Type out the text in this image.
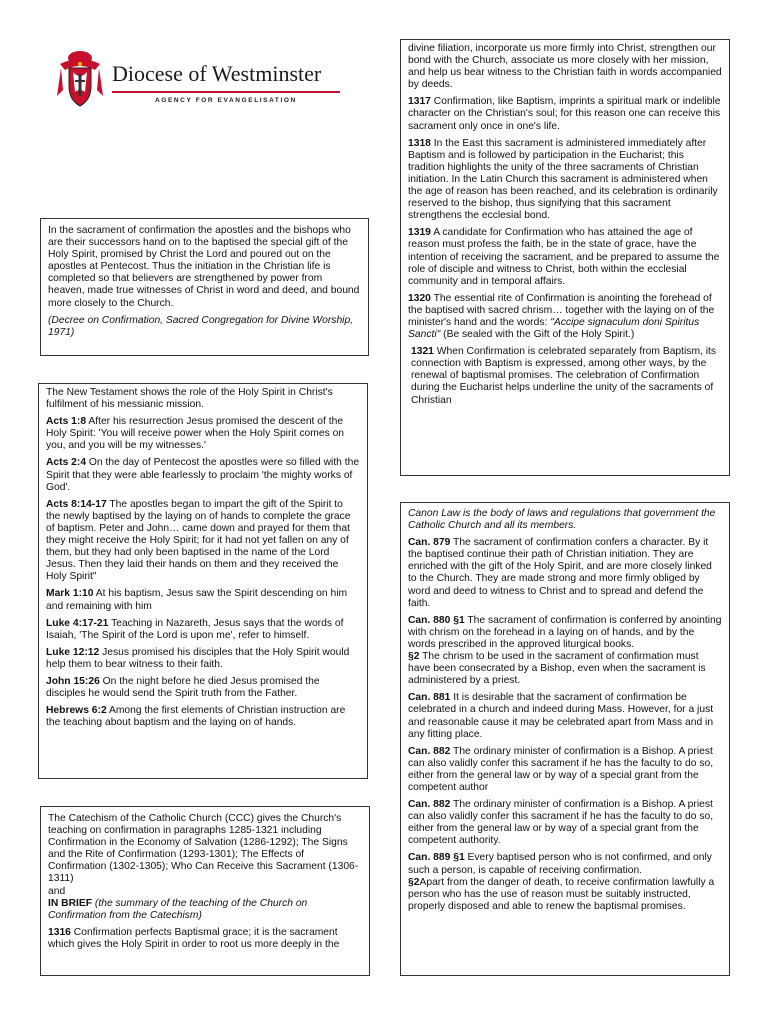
Diocese of Westminster
AGENCY FOR EVANGELISATION

In the sacrament of confirmation the apostles and the bishops who are their successors hand on to the baptised the special gift of the Holy Spirit, promised by Christ the Lord and poured out on the apostles at Pentecost. Thus the initiation in the Christian life is completed so that believers are strengthened by power from heaven, made true witnesses of Christ in word and deed, and bound more closely to the Church.

(Decree on Confirmation, Sacred Congregation for Divine Worship, 1971)

The New Testament shows the role of the Holy Spirit in Christ's fulfilment of his messianic mission.

Acts 1:8 After his resurrection Jesus promised the descent of the Holy Spirit: 'You will receive power when the Holy Spirit comes on you, and you will be my witnesses.'

Acts 2:4 On the day of Pentecost the apostles were so filled with the Spirit that they were able fearlessly to proclaim 'the mighty works of God'.

Acts 8:14-17 The apostles began to impart the gift of the Spirit to the newly baptised by the laying on of hands to complete the grace of baptism. Peter and John… came down and prayed for them that they might receive the Holy Spirit; for it had not yet fallen on any of them, but they had only been baptised in the name of the Lord Jesus. Then they laid their hands on them and they received the Holy Spirit"

Mark 1:10 At his baptism, Jesus saw the Spirit descending on him and remaining with him

Luke 4:17-21 Teaching in Nazareth, Jesus says that the words of Isaiah, 'The Spirit of the Lord is upon me', refer to himself.

Luke 12:12 Jesus promised his disciples that the Holy Spirit would help them to bear witness to their faith.

John 15:26 On the night before he died Jesus promised the disciples he would send the Spirit truth from the Father.

Hebrews 6:2 Among the first elements of Christian instruction are the teaching about baptism and the laying on of hands.

The Catechism of the Catholic Church (CCC) gives the Church's teaching on confirmation in paragraphs 1285-1321 including Confirmation in the Economy of Salvation (1286-1292); The Signs and the Rite of Confirmation (1293-1301); The Effects of Confirmation (1302-1305); Who Can Receive this Sacrament (1306-1311)

and

IN BRIEF (the summary of the teaching of the Church on Confirmation from the Catechism)

1316 Confirmation perfects Baptismal grace; it is the sacrament which gives the Holy Spirit in order to root us more deeply in the

divine filiation, incorporate us more firmly into Christ, strengthen our bond with the Church, associate us more closely with her mission, and help us bear witness to the Christian faith in words accompanied by deeds.

1317 Confirmation, like Baptism, imprints a spiritual mark or indelible character on the Christian's soul; for this reason one can receive this sacrament only once in one's life.

1318 In the East this sacrament is administered immediately after Baptism and is followed by participation in the Eucharist; this tradition highlights the unity of the three sacraments of Christian initiation. In the Latin Church this sacrament is administered when the age of reason has been reached, and its celebration is ordinarily reserved to the bishop, thus signifying that this sacrament strengthens the ecclesial bond.

1319 A candidate for Confirmation who has attained the age of reason must profess the faith, be in the state of grace, have the intention of receiving the sacrament, and be prepared to assume the role of disciple and witness to Christ, both within the ecclesial community and in temporal affairs.

1320 The essential rite of Confirmation is anointing the forehead of the baptised with sacred chrism… together with the laying on of the minister's hand and the words: "Accipe signaculum doni Spiritus Sancti" (Be sealed with the Gift of the Holy Spirit.)

1321 When Confirmation is celebrated separately from Baptism, its connection with Baptism is expressed, among other ways, by the renewal of baptismal promises. The celebration of Confirmation during the Eucharist helps underline the unity of the sacraments of Christian

Canon Law is the body of laws and regulations that government the Catholic Church and all its members.

Can. 879 The sacrament of confirmation confers a character. By it the baptised continue their path of Christian initiation. They are enriched with the gift of the Holy Spirit, and are more closely linked to the Church. They are made strong and more firmly obliged by word and deed to witness to Christ and to spread and defend the faith.

Can. 880 §1 The sacrament of confirmation is conferred by anointing with chrism on the forehead in a laying on of hands, and by the words prescribed in the approved liturgical books.
§2 The chrism to be used in the sacrament of confirmation must have been consecrated by a Bishop, even when the sacrament is administered by a priest.

Can. 881 It is desirable that the sacrament of confirmation be celebrated in a church and indeed during Mass. However, for a just and reasonable cause it may be celebrated apart from Mass and in any fitting place.

Can. 882 The ordinary minister of confirmation is a Bishop. A priest can also validly confer this sacrament if he has the faculty to do so, either from the general law or by way of a special grant from the competent author

Can. 882 The ordinary minister of confirmation is a Bishop. A priest can also validly confer this sacrament if he has the faculty to do so, either from the general law or by way of a special grant from the competent authority.

Can. 889 §1 Every baptised person who is not confirmed, and only such a person, is capable of receiving confirmation.
§2Apart from the danger of death, to receive confirmation lawfully a person who has the use of reason must be suitably instructed, properly disposed and able to renew the baptismal promises.
